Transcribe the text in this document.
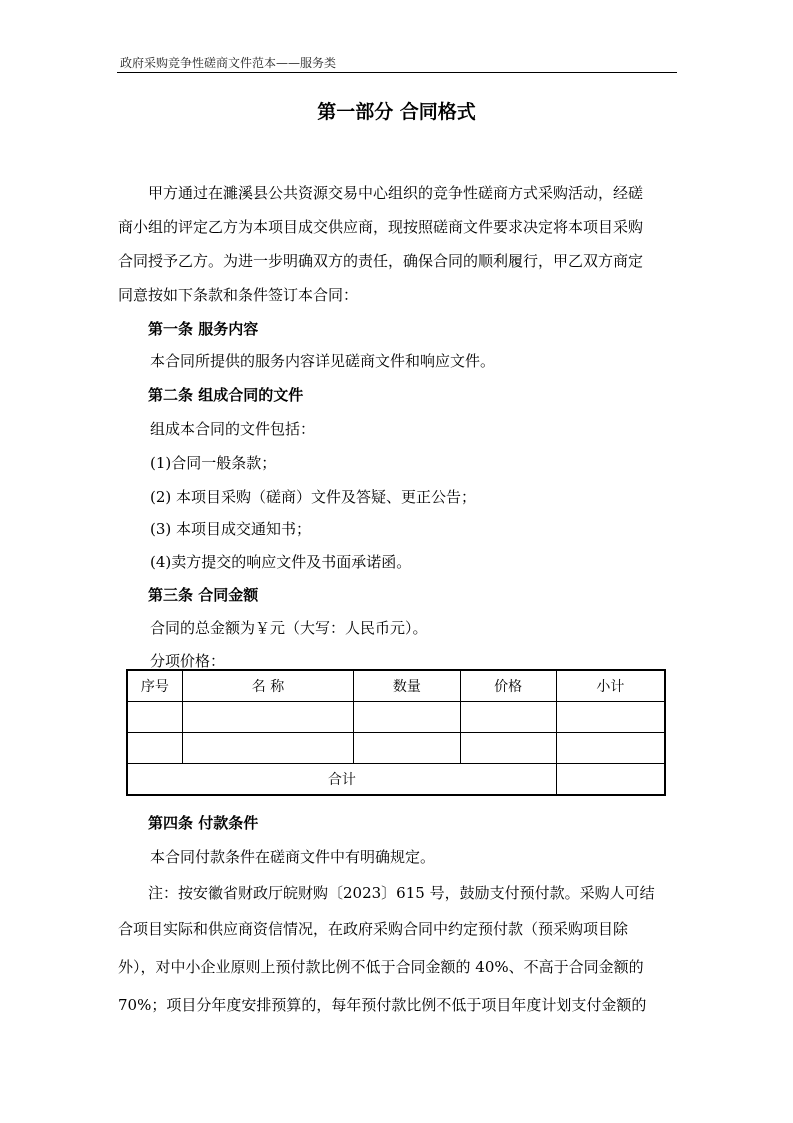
政府采购竞争性磋商文件范本——服务类
第一部分 合同格式
甲方通过在濉溪县公共资源交易中心组织的竞争性磋商方式采购活动，经磋
商小组的评定乙方为本项目成交供应商，现按照磋商文件要求决定将本项目采购
合同授予乙方。为进一步明确双方的责任，确保合同的顺利履行，甲乙双方商定
同意按如下条款和条件签订本合同：
第一条 服务内容
本合同所提供的服务内容详见磋商文件和响应文件。
第二条 组成合同的文件
组成本合同的文件包括：
(1)合同一般条款；
(2) 本项目采购（磋商）文件及答疑、更正公告；
(3) 本项目成交通知书；
(4)卖方提交的响应文件及书面承诺函。
第三条 合同金额
合同的总金额为￥元（大写：人民币元）。
分项价格：
序号	名 称	数量	价格	小计

合计				
第四条 付款条件
本合同付款条件在磋商文件中有明确规定。
注：按安徽省财政厅皖财购〔2023〕615 号，鼓励支付预付款。采购人可结
合项目实际和供应商资信情况，在政府采购合同中约定预付款（预采购项目除
外），对中小企业原则上预付款比例不低于合同金额的 40%、不高于合同金额的
70%；项目分年度安排预算的，每年预付款比例不低于项目年度计划支付金额的
